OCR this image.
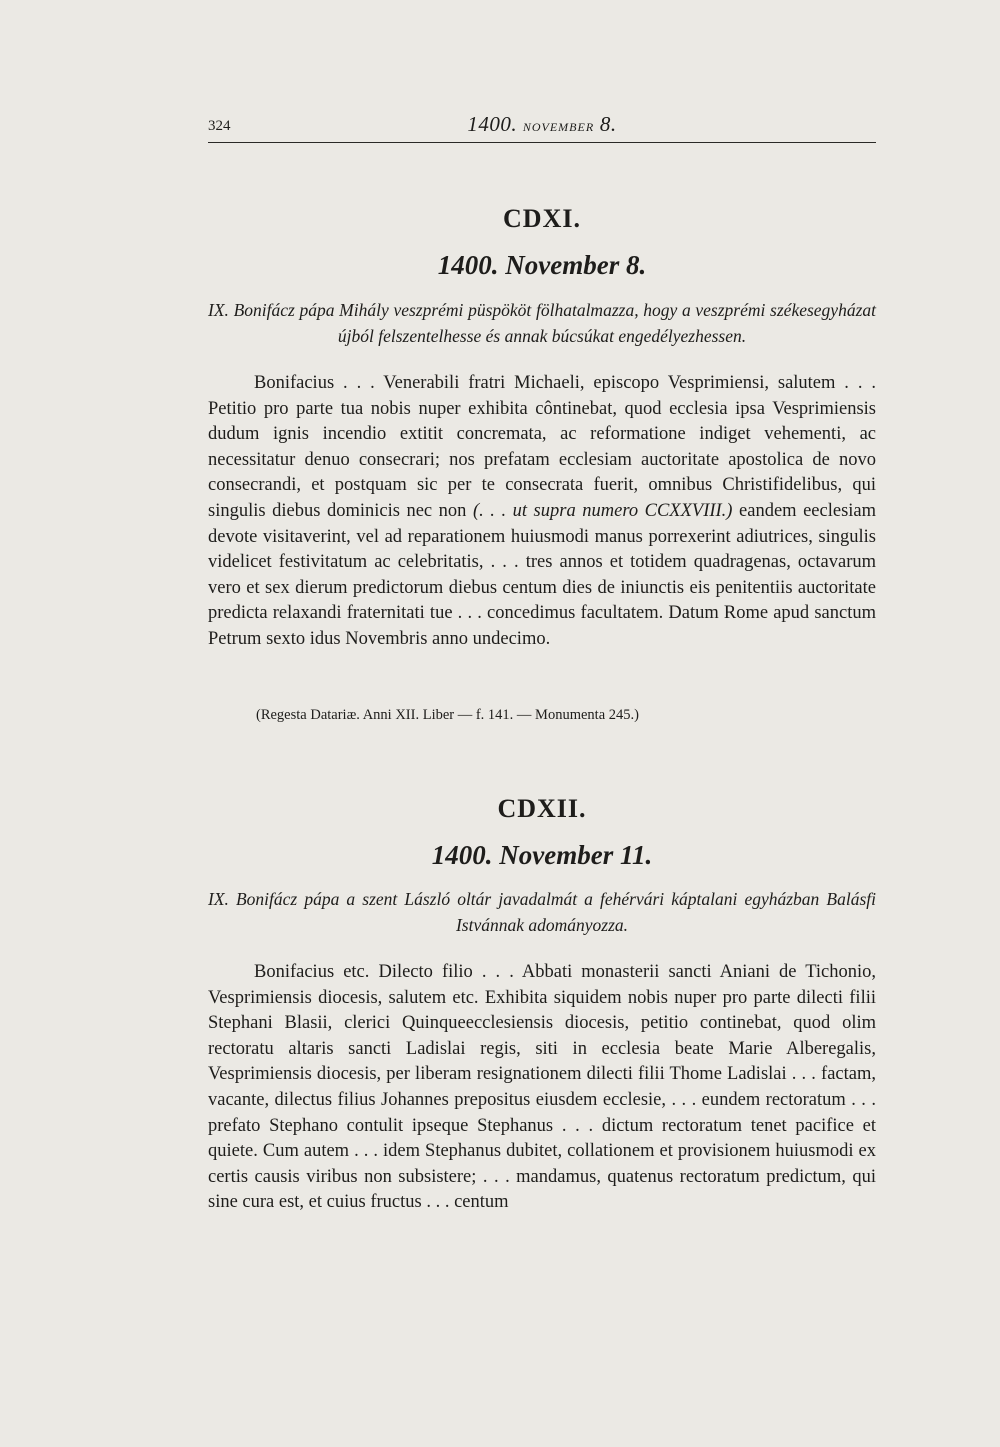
324	1400. NOVEMBER 8.
CDXI.
1400. November 8.

IX. Bonifácz pápa Mihály veszprémi püspököt fölhatalmazza, hogy a veszprémi székesegyházat újból felszentelhesse és annak búcsúkat engedélyezhessen.

Bonifacius . . . Venerabili fratri Michaeli, episcopo Vesprimiensi, salutem . . . Petitio pro parte tua nobis nuper exhibita côntinebat, quod ecclesia ipsa Vesprimiensis dudum ignis incendio extitit concremata, ac reformatione indiget vehementi, ac necessitatur denuo consecrari; nos prefatam ecclesiam auctoritate apostolica de novo consecrandi, et postquam sic per te consecrata fuerit, omnibus Christifidelibus, qui singulis diebus dominicis nec non (. . . ut supra numero CCXXVIII.) eandem eeclesiam devote visitaverint, vel ad reparationem huiusmodi manus porrexerint adiutrices, singulis videlicet festivitatum ac celebritatis, . . . tres annos et totidem quadragenas, octavarum vero et sex dierum predictorum diebus centum dies de iniunctis eis penitentiis auctoritate predicta relaxandi fraternitati tue . . . concedimus facultatem. Datum Rome apud sanctum Petrum sexto idus Novembris anno undecimo.

(Regesta Datariæ. Anni XII. Liber — f. 141. — Monumenta 245.)

CDXII.
1400. November 11.

IX. Bonifácz pápa a szent László oltár javadalmát a fehérvári káptalani egyházban Balásfi Istvánnak adományozza.

Bonifacius etc. Dilecto filio . . . Abbati monasterii sancti Aniani de Tichonio, Vesprimiensis diocesis, salutem etc. Exhibita siquidem nobis nuper pro parte dilecti filii Stephani Blasii, clerici Quinqueecclesiensis diocesis, petitio continebat, quod olim rectoratu altaris sancti Ladislai regis, siti in ecclesia beate Marie Alberegalis, Vesprimiensis diocesis, per liberam resignationem dilecti filii Thome Ladislai . . . factam, vacante, dilectus filius Johannes prepositus eiusdem ecclesie, . . . eundem rectoratum . . . prefato Stephano contulit ipseque Stephanus . . . dictum rectoratum tenet pacifice et quiete. Cum autem . . . idem Stephanus dubitet, collationem et provisionem huiusmodi ex certis causis viribus non subsistere; . . . mandamus, quatenus rectoratum predictum, qui sine cura est, et cuius fructus . . . centum
